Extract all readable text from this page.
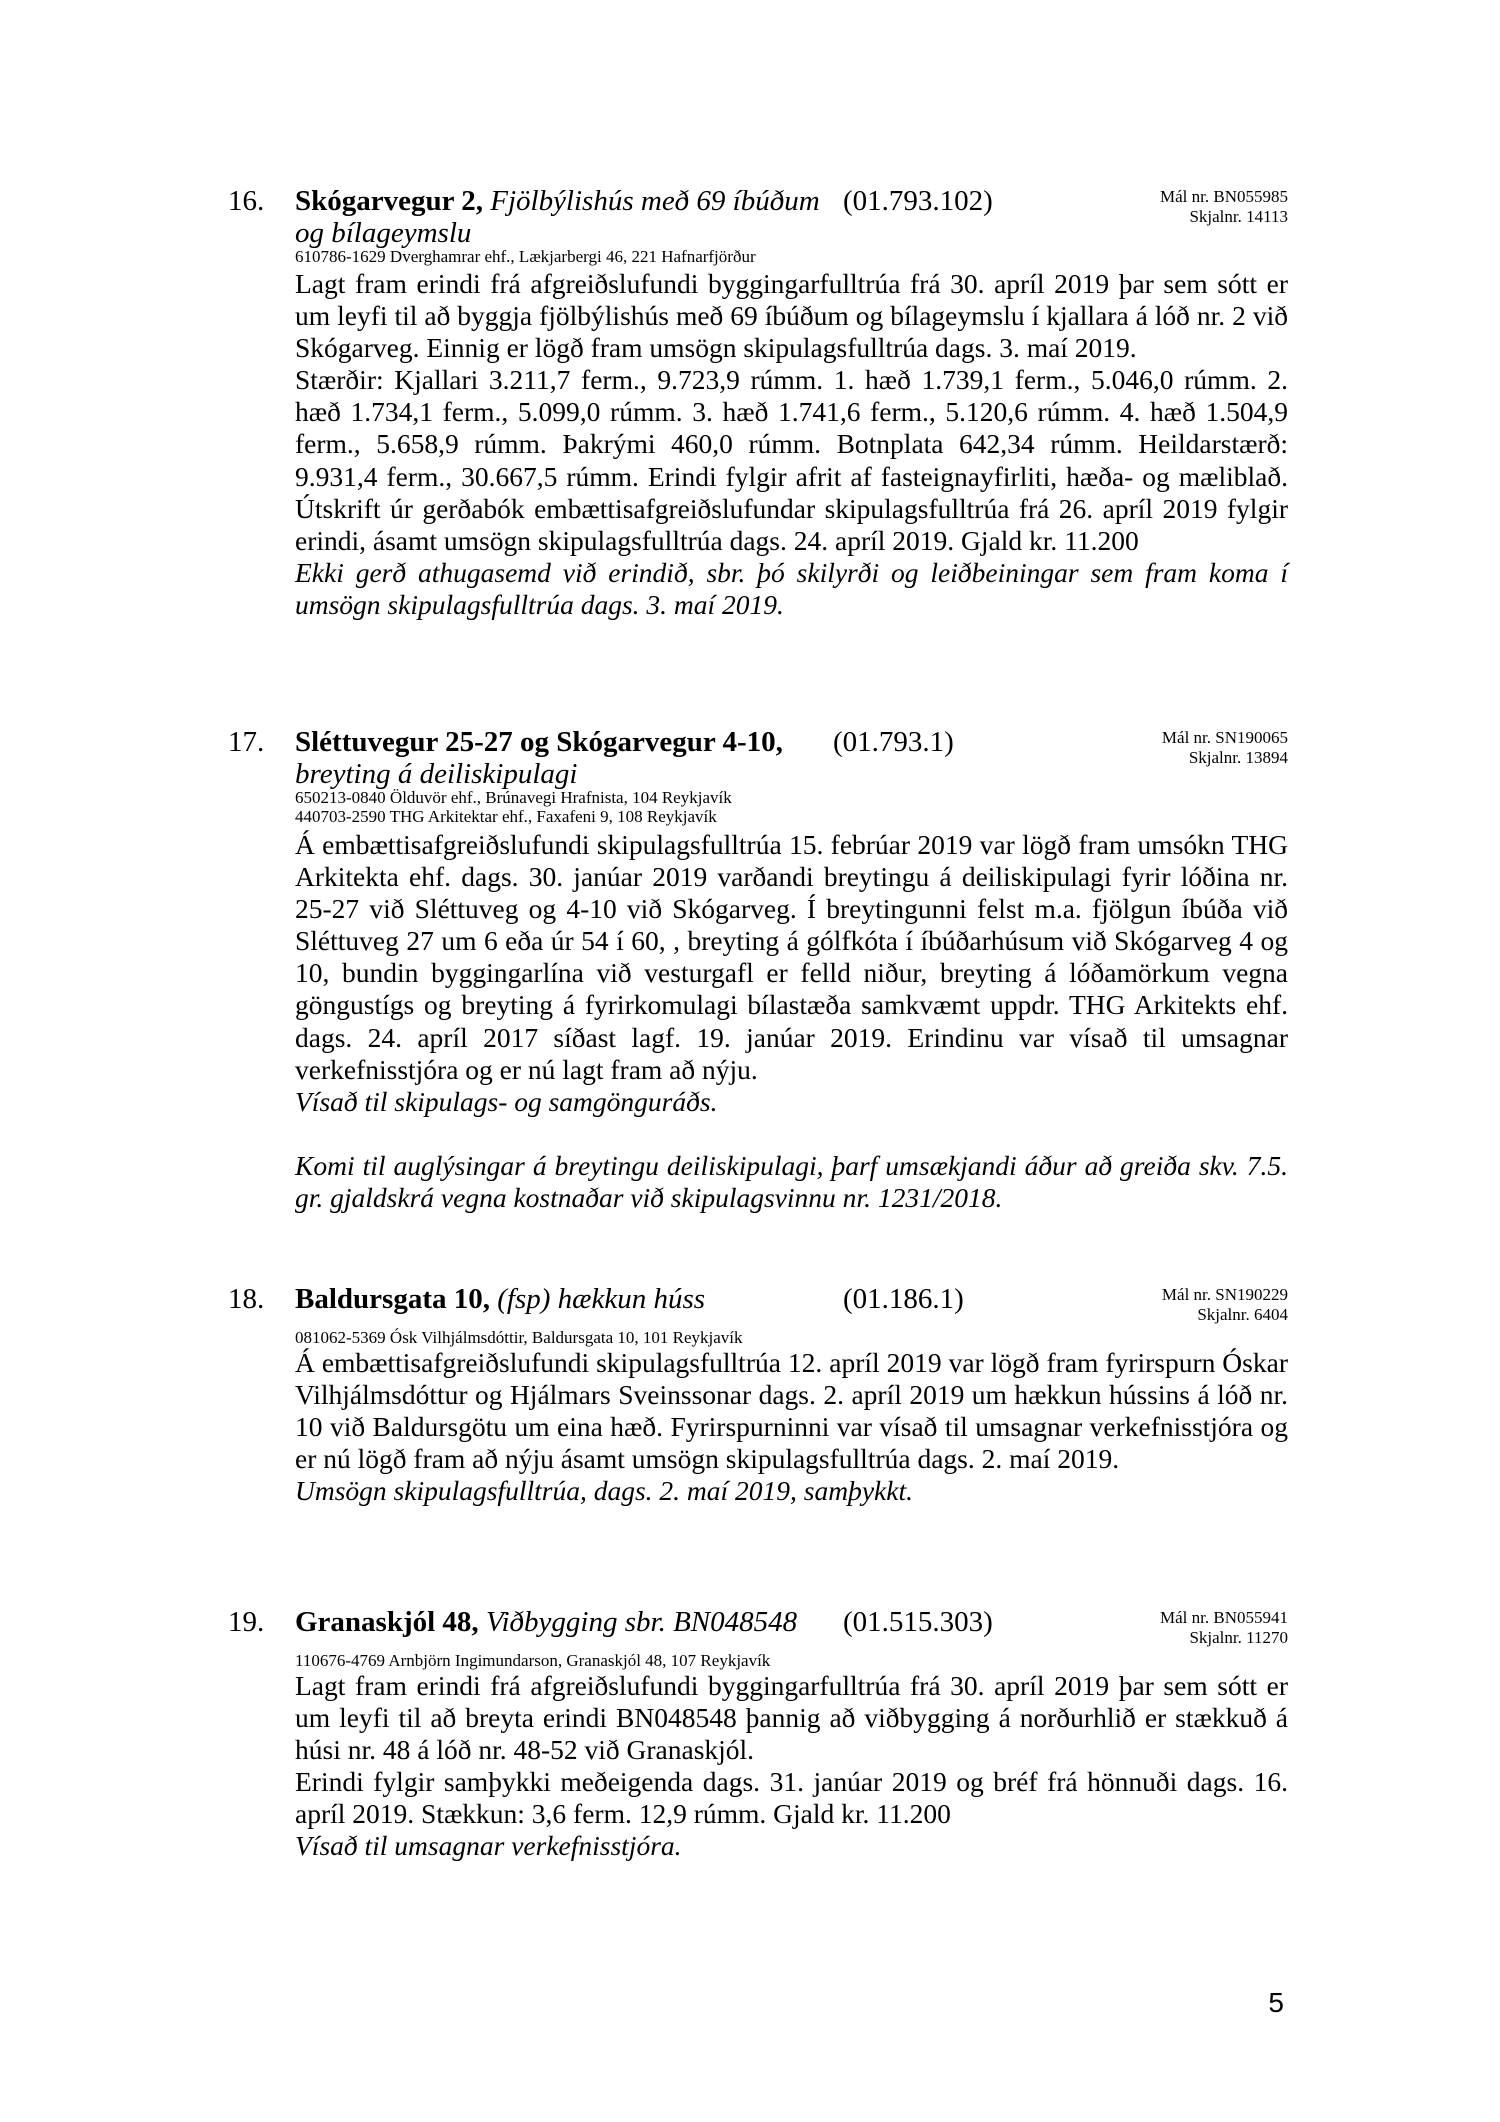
16. Skógarvegur 2, Fjölbýlishús með 69 íbúðum
og bílageymslu
(01.793.102)	Mál nr. BN055985
Skjalnr. 14113
610786-1629 Dverghamrar ehf., Lækjarbergi 46, 221 Hafnarfjörður

Lagt fram erindi frá afgreiðslufundi byggingarfulltrúa frá 30. apríl 2019 þar sem sótt er um leyfi til að byggja fjölbýlishús með 69 íbúðum og bílageymslu í kjallara á lóð nr. 2 við Skógarveg. Einnig er lögð fram umsögn skipulagsfulltrúa dags. 3. maí 2019.

Stærðir: Kjallari 3.211,7 ferm., 9.723,9 rúmm. 1. hæð 1.739,1 ferm., 5.046,0 rúmm. 2. hæð 1.734,1 ferm., 5.099,0 rúmm. 3. hæð 1.741,6 ferm., 5.120,6 rúmm. 4. hæð 1.504,9 ferm., 5.658,9 rúmm. Þakrými 460,0 rúmm. Botnplata 642,34 rúmm. Heildarstærð: 9.931,4 ferm., 30.667,5 rúmm. Erindi fylgir afrit af fasteignayfirliti, hæða- og mæliblað. Útskrift úr gerðabók embættisafgreiðslufundar skipulagsfulltrúa frá 26. apríl 2019 fylgir erindi, ásamt umsögn skipulagsfulltrúa dags. 24. apríl 2019. Gjald kr. 11.200

Ekki gerð athugasemd við erindið, sbr. þó skilyrði og leiðbeiningar sem fram koma í umsögn skipulagsfulltrúa dags. 3. maí 2019.

17. Sléttuvegur 25-27 og Skógarvegur 4-10,
breyting á deiliskipulagi
(01.793.1)	Mál nr. SN190065
Skjalnr. 13894
650213-0840 Ölduvör ehf., Brúnavegi Hrafnista, 104 Reykjavík
440703-2590 THG Arkitektar ehf., Faxafeni 9, 108 Reykjavík

Á embættisafgreiðslufundi skipulagsfulltrúa 15. febrúar 2019 var lögð fram umsókn THG Arkitekta ehf. dags. 30. janúar 2019 varðandi breytingu á deiliskipulagi fyrir lóðina nr. 25-27 við Sléttuveg og 4-10 við Skógarveg. Í breytingunni felst m.a. fjölgun íbúða við Sléttuveg 27 um 6 eða úr 54 í 60, , breyting á gólfkóta í íbúðarhúsum við Skógarveg 4 og 10, bundin byggingarlína við vesturgafl er felld niður, breyting á lóðamörkum vegna göngustígs og breyting á fyrirkomulagi bílastæða samkvæmt uppdr. THG Arkitekts ehf. dags. 24. apríl 2017 síðast lagf. 19. janúar 2019. Erindinu var vísað til umsagnar verkefnisstjóra og er nú lagt fram að nýju.

Vísað til skipulags- og samgönguráðs.

Komi til auglýsingar á breytingu deiliskipulagi, þarf umsækjandi áður að greiða skv. 7.5. gr. gjaldskrá vegna kostnaðar við skipulagsvinnu nr. 1231/2018.

18. Baldursgata 10, (fsp) hækkun húss	(01.186.1)	Mál nr. SN190229
Skjalnr. 6404
081062-5369 Ósk Vilhjálmsdóttir, Baldursgata 10, 101 Reykjavík

Á embættisafgreiðslufundi skipulagsfulltrúa 12. apríl 2019 var lögð fram fyrirspurn Óskar Vilhjálmsdóttur og Hjálmars Sveinssonar dags. 2. apríl 2019 um hækkun hússins á lóð nr. 10 við Baldursgötu um eina hæð. Fyrirspurninni var vísað til umsagnar verkefnisstjóra og er nú lögð fram að nýju ásamt umsögn skipulagsfulltrúa dags. 2. maí 2019.

Umsögn skipulagsfulltrúa, dags. 2. maí 2019, samþykkt.

19. Granaskjól 48, Viðbygging sbr. BN048548	(01.515.303)	Mál nr. BN055941
Skjalnr. 11270
110676-4769 Arnbjörn Ingimundarson, Granaskjól 48, 107 Reykjavík

Lagt fram erindi frá afgreiðslufundi byggingarfulltrúa frá 30. apríl 2019 þar sem sótt er um leyfi til að breyta erindi BN048548 þannig að viðbygging á norðurhlið er stækkuð á húsi nr. 48 á lóð nr. 48-52 við Granaskjól.

Erindi fylgir samþykki meðeigenda dags. 31. janúar 2019 og bréf frá hönnuði dags. 16. apríl 2019. Stækkun: 3,6 ferm. 12,9 rúmm. Gjald kr. 11.200

Vísað til umsagnar verkefnisstjóra.

5
